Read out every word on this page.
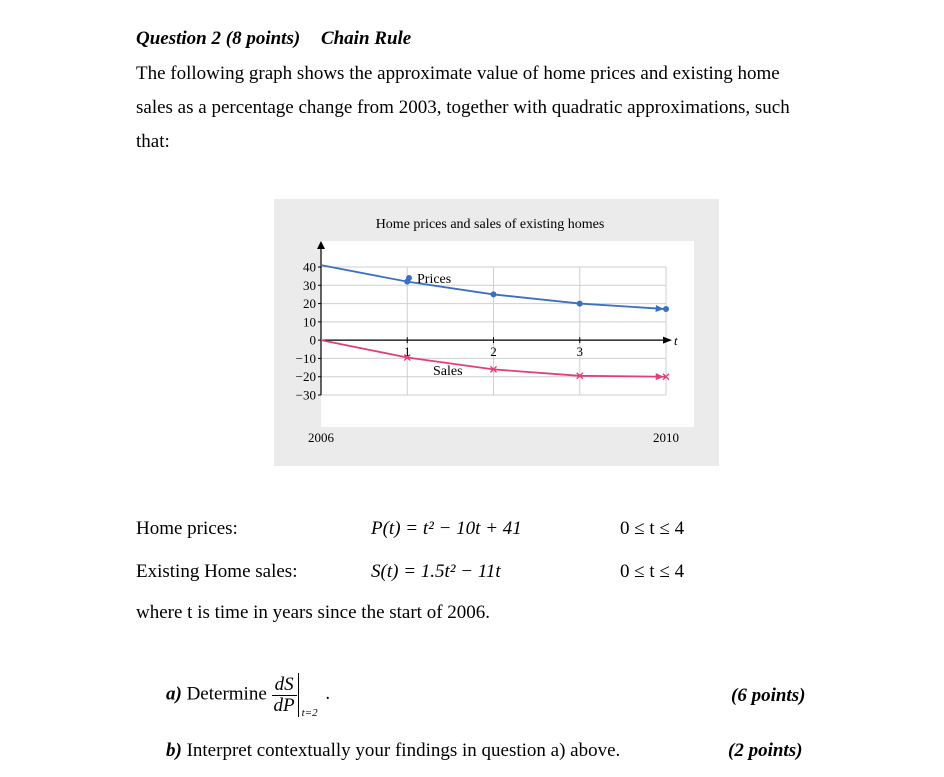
Question 2 (8 points) Chain Rule
The following graph shows the approximate value of home prices and existing home
sales as a percentage change from 2003, together with quadratic approximations, such
that:
t
40
30
20
10
0
−10
−20
−30
1	2	3
2006	2010
Home prices and sales of existing homes
Prices
Sales
Home prices:	P(t) = t² − 10t + 41	0 ≤ t ≤ 4
Existing Home sales:	S(t) = 1.5t² − 11t	0 ≤ t ≤ 4
where t is time in years since the start of 2006.
a) Determine $\frac{dS}{dP} t=2$
.	(6 points)
b) Interpret contextually your findings in question a) above.	(2 points)
